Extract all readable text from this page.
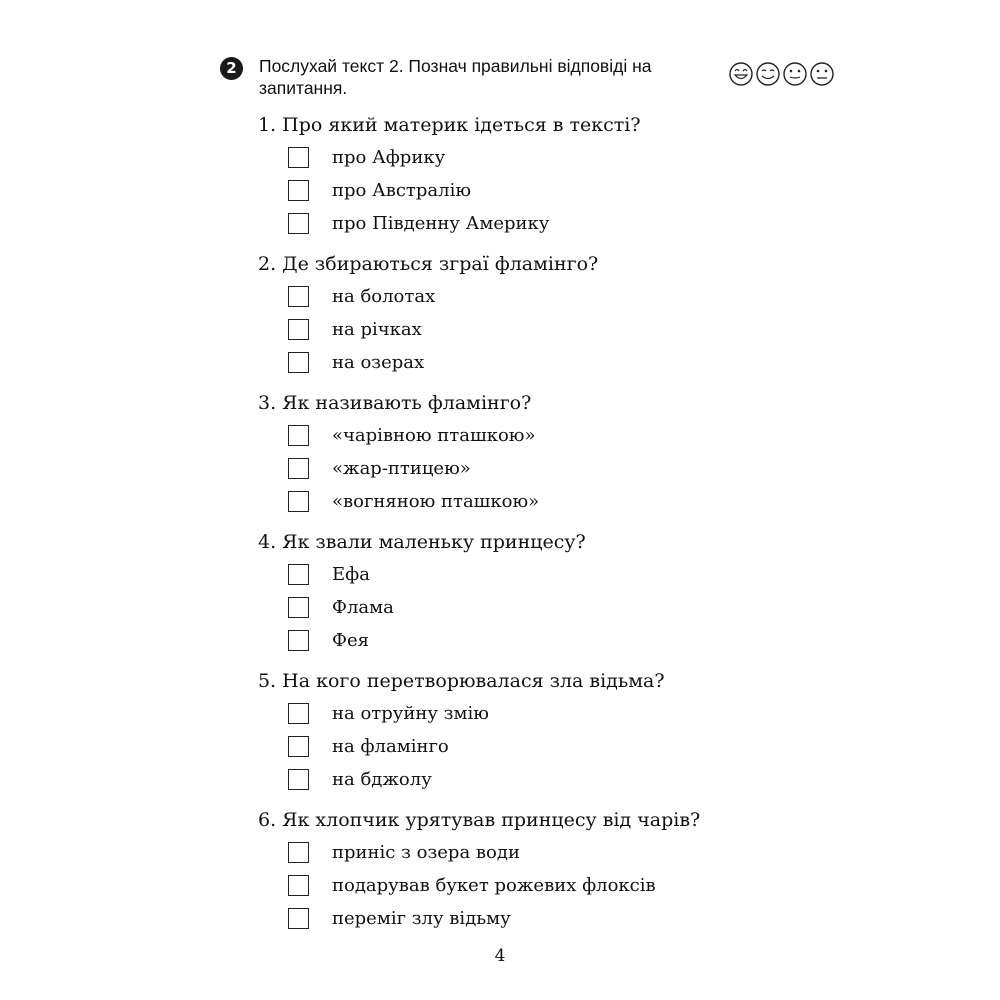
2	Послухай текст 2. Познач правильні відповіді на запитання.
1. Про який материк ідеться в тексті?
про Африку
про Австралію
про Південну Америку
2. Де збираються зграї фламінго?
на болотах
на річках
на озерах
3. Як називають фламінго?
«чарівною пташкою»
«жар-птицею»
«вогняною пташкою»
4. Як звали маленьку принцесу?
Ефа
Флама
Фея
5. На кого перетворювалася зла відьма?
на отруйну змію
на фламінго
на бджолу
6. Як хлопчик урятував принцесу від чарів?
приніс з озера води
подарував букет рожевих флоксів
переміг злу відьму
4
